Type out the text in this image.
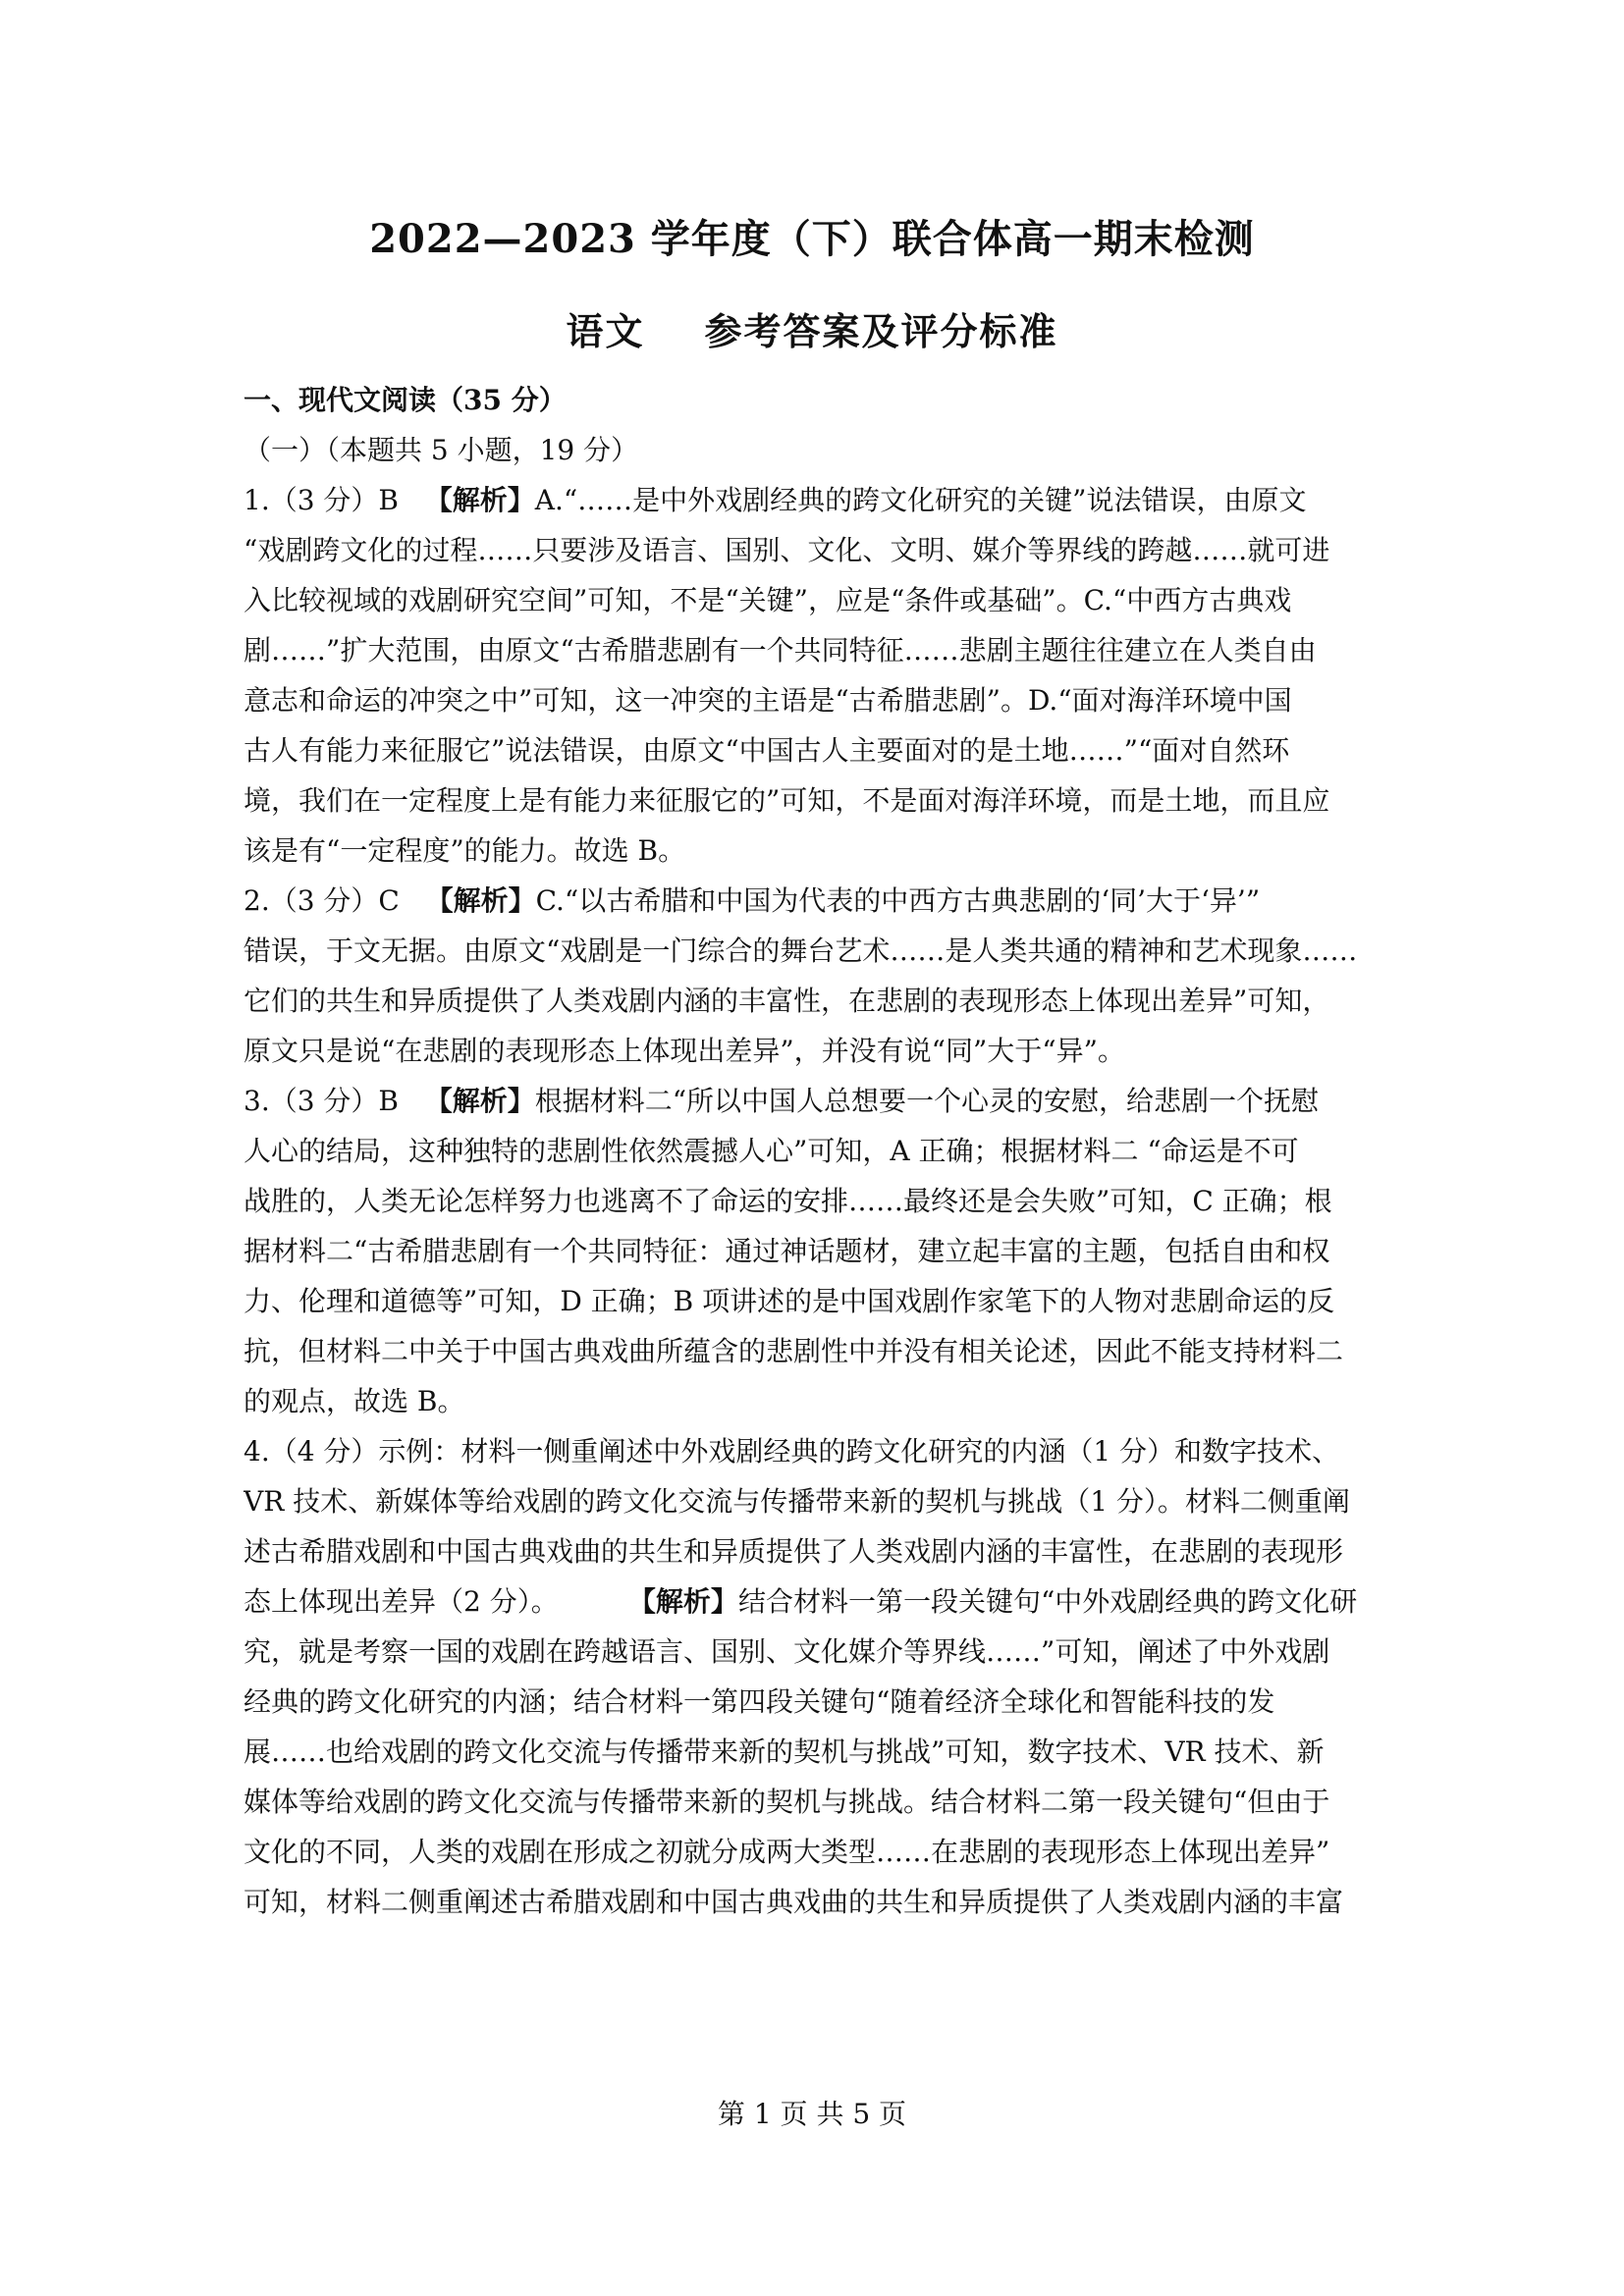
2022—2023 学年度（下）联合体高一期末检测
语文    参考答案及评分标准
一、现代文阅读（35 分）
（一）（本题共 5 小题，19 分）
1.（3 分）B 【解析】A.“……是中外戏剧经典的跨文化研究的关键”说法错误，由原文
“戏剧跨文化的过程……只要涉及语言、国别、文化、文明、媒介等界线的跨越……就可进
入比较视域的戏剧研究空间”可知，不是“关键”，应是“条件或基础”。C.“中西方古典戏
剧……”扩大范围，由原文“古希腊悲剧有一个共同特征……悲剧主题往往建立在人类自由
意志和命运的冲突之中”可知，这一冲突的主语是“古希腊悲剧”。D.“面对海洋环境中国
古人有能力来征服它”说法错误，由原文“中国古人主要面对的是土地……”“面对自然环
境，我们在一定程度上是有能力来征服它的”可知，不是面对海洋环境，而是土地，而且应
该是有“一定程度”的能力。故选 B。
2.（3 分）C 【解析】C.“以古希腊和中国为代表的中西方古典悲剧的‘同’大于‘异’”
错误，于文无据。由原文“戏剧是一门综合的舞台艺术……是人类共通的精神和艺术现象……
它们的共生和异质提供了人类戏剧内涵的丰富性，在悲剧的表现形态上体现出差异”可知，
原文只是说“在悲剧的表现形态上体现出差异”，并没有说“同”大于“异”。
3.（3 分）B 【解析】根据材料二“所以中国人总想要一个心灵的安慰，给悲剧一个抚慰
人心的结局，这种独特的悲剧性依然震撼人心”可知，A 正确；根据材料二 “命运是不可
战胜的，人类无论怎样努力也逃离不了命运的安排……最终还是会失败”可知，C 正确；根
据材料二“古希腊悲剧有一个共同特征：通过神话题材，建立起丰富的主题，包括自由和权
力、伦理和道德等”可知，D 正确；B 项讲述的是中国戏剧作家笔下的人物对悲剧命运的反
抗，但材料二中关于中国古典戏曲所蕴含的悲剧性中并没有相关论述，因此不能支持材料二
的观点，故选 B。
4.（4 分）示例：材料一侧重阐述中外戏剧经典的跨文化研究的内涵（1 分）和数字技术、
VR 技术、新媒体等给戏剧的跨文化交流与传播带来新的契机与挑战（1 分）。材料二侧重阐
述古希腊戏剧和中国古典戏曲的共生和异质提供了人类戏剧内涵的丰富性，在悲剧的表现形
态上体现出差异（2 分）。	【解析】结合材料一第一段关键句“中外戏剧经典的跨文化研
究，就是考察一国的戏剧在跨越语言、国别、文化媒介等界线……”可知，阐述了中外戏剧
经典的跨文化研究的内涵；结合材料一第四段关键句“随着经济全球化和智能科技的发
展……也给戏剧的跨文化交流与传播带来新的契机与挑战”可知，数字技术、VR 技术、新
媒体等给戏剧的跨文化交流与传播带来新的契机与挑战。结合材料二第一段关键句“但由于
文化的不同，人类的戏剧在形成之初就分成两大类型……在悲剧的表现形态上体现出差异”
可知，材料二侧重阐述古希腊戏剧和中国古典戏曲的共生和异质提供了人类戏剧内涵的丰富
第 1 页 共 5 页
